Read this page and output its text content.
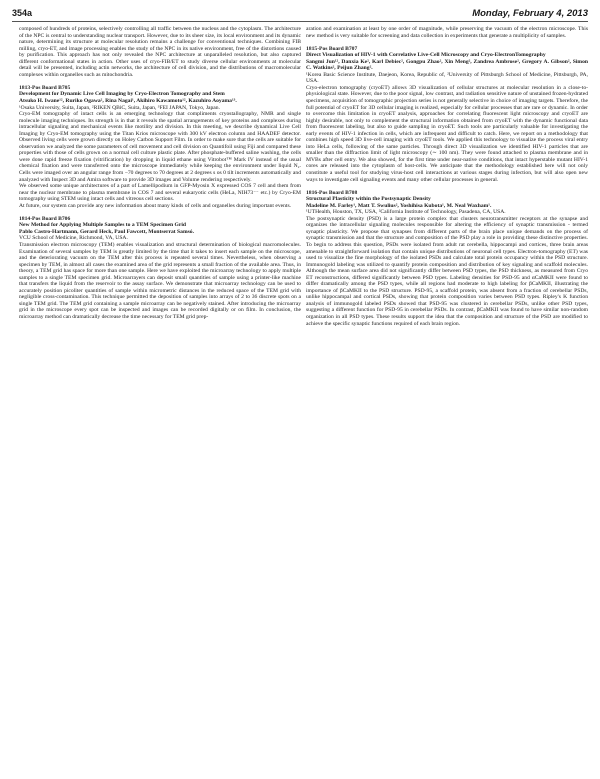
354a	Monday, February 4, 2013

composed of hundreds of proteins, selectively controlling all traffic between the nucleus and the cytoplasm. The architecture of the NPC is central to understanding nuclear transport. However, due to its sheer size, its local environment and its dynamic nature, determining its structure at molecular resolution remains a challenge for conventional techniques. Combining FIB milling, cryo-ET, and image processing enables the study of the NPC in its native environment, free of the distortions caused by purification. This approach has not only revealed the NPC architecture at unparalleled resolution, but also captured different conformational states in action. Other uses of cryo-FIB/ET to study diverse cellular environments at molecular detail will be presented, including actin networks, the architecture of cell division, and the distributions of macromolecular complexes within organelles such as mitochondria.

1813-Pos Board B705

Development for Dynamic Live Cell Imaging by Cryo-Electron Tomography and Stem

Atsuko H. Iwane¹², Ruriko Ogawa², Rina Nagai¹, Akihiro Kawamoto¹², Kazuhiro Aoyama¹³.

¹Osaka University, Suita, Japan, ²RIKEN QBiC, Suita, Japan, ³FEI JAPAN, Tokyo, Japan.

Cryo-EM tomography of intact cells is an emerging technology that compliments cryostallography, NMR and single molecule imaging techniques. Its strength is in that it reveals the spatial arrangements of key proteins and complexes during intracellular signaling and mechanical events like motility and division. In this meeting, we describe dynamical Live Cell Imaging by Cryo-EM tomography using the Titan Krios microscope with 300 kV electron column and HAADEF detector. Observed living cells were grown directly on Holey Carbon Support Film. In order to make sure that the cells are suitable for observation we analyzed the some parameters of cell movement and cell division on Quantifoil using Fiji and compared these properties with those of cells grown on a normal cell culture plastic plate. After phosphate-buffered saline washing, the cells were done rapid freeze fixation (vitrification) by dropping in liquid ethane using Vitrobot™ Mark IV instead of the usual chemical fixation and were transferred onto the microscope immediately while keeping the environment under liquid N₂. Cells were imaged over an angular range from −70 degrees to 70 degrees at 2 degrees s os 0 tilt increments automatically and analyzed with Inspect 3D and Amira software to provide 3D images and Volume rendering respectively.

We observed some unique architectures of a part of Lamellipodium in GFP-Myosin X expressed COS 7 cell and them from near the nuclear membrane to plasma membrane in COS 7 and several eukaryotic cells (HeLa, NIH73⋯ etc.) by Cryo-EM tomography using STEM using intact cells and vitreous cell sections.

At future, our system can provide any new information about many kinds of cells and organelles during important events.

1814-Pos Board B706

New Method for Applying Multiple Samples to a TEM Specimen Grid

Pablo Castro-Hartmann, Gerard Heck, Paul Fawcett, Montserrat Samsó.

VCU School of Medicine, Richmond, VA, USA.

Transmission electron microscopy (TEM) enables visualization and structural determination of biological macromolecules. Examination of several samples by TEM is greatly limited by the time that it takes to insert each sample on the microscope, and the deteriorating vacuum on the TEM after this process is repeated several times. Nevertheless, when observing a specimen by TEM, in almost all cases the examined area of the grid represents a small fraction of the available area. Thus, in theory, a TEM grid has space for more than one sample. Here we have exploited the microarray technology to apply multiple samples to a single TEM specimen grid. Microarrayers can deposit small quantities of sample using a printer-like machine that transfers the liquid from the reservoir to the assay surface. We demonstrate that microarray technology can be used to accurately position picoliter quantities of sample within micrometric distances in the reduced space of the TEM grid with negligible cross-contamination. This technique permitted the deposition of samples into arrays of 2 to 36 discrete spots on a single TEM grid. The TEM grid containing a sample microarray can be negatively stained. After introducing the microarray grid in the microscope every spot can be inspected and images can be recorded digitally or on film. In conclusion, the microarray method can dramatically decrease the time necessary for TEM grid prep-

aration and examination at least by one order of magnitude, while preserving the vacuum of the electron microscope. This new method is very suitable for screening and data collection in experiments that generate a multiplicity of samples.

1815-Pos Board B707

Direct Visualization of HIV-1 with Correlative Live-Cell Microscopy and Cryo-ElectronTomography

Sangmi Jun¹², Danxia Ke², Karl Debiec², Gongpu Zhao², Xin Meng², Zandrea Ambrose², Gregory A. Gibson², Simon C. Watkins², Peijun Zhang².

¹Korea Basic Science Institute, Daejeon, Korea, Republic of, ²University of Pittsburgh School of Medicine, Pittsburgh, PA, USA.

Cryo-electron tomography (cryoET) allows 3D visualization of cellular structures at molecular resolution in a close-to-physiological state. However, due to the poor signal, low contrast, and radiation sensitive nature of unstained frozen-hydrated specimens, acquisition of tomographic projection series is not generally selective in choice of imaging targets. Therefore, the full potential of cryoET for 3D cellular imaging is realized, especially for cellular processes that are rare or dynamic. In order to overcome this limitation in cryoET analysis, approaches for correlating fluorescent light microscopy and cryoET are highly desirable, not only to complement the structural information obtained from cryoET with the dynamic functional data from fluorescent labeling, but also to guide sampling in cryoET. Such tools are particularly valuable for investigating the early events of HIV-1 infection in cells, which are infrequent and difficult to catch. Here, we report on a methodology that combines high speed 3D live-cell imaging with cryoET tools. We applied this technology to visualize the process viral entry into HeLa cells, following of the same particles. Through direct 3D visualization we identified HIV-1 particles that are smaller than the diffraction limit of light microscopy (∼ 100 nm). They were found attached to plasma membrane and in MVBs after cell entry. We also showed, for the first time under near-native conditions, that intact hyperstable mutant HIV-1 cores are released into the cytoplasm of host-cells. We anticipate that the methodology established here will not only constitute a useful tool for studying virus-host cell interactions at various stages during infection, but will also open new ways to investigate cell signaling events and many other cellular processes in general.

1816-Pos Board B708

Structural Plasticity within the Postsynaptic Density

Madeline M. Farley¹, Matt T. Swulius², Yoshihisa Kubota¹, M. Neal Waxham¹.

¹UTHealth, Houston, TX, USA, ²California Institute of Technology, Pasadena, CA, USA.

The postsynaptic density (PSD) is a large protein complex that clusters neurotransmitter receptors at the synapse and organizes the intracellular signaling molecules responsible for altering the efficiency of synaptic transmission - termed synaptic plasticity. We propose that synapses from different parts of the brain place unique demands on the process of synaptic transmission and that the structure and composition of the PSD play a role in providing these distinctive properties. To begin to address this question, PSDs were isolated from adult rat cerebella, hippocampi and cortices, three brain areas amenable to straightforward isolation that contain unique distributions of neuronal cell types. Electron-tomography (ET) was used to visualize the fine morphology of the isolated PSDs and calculate total protein occupancy within the PSD structure. Immunogold labeling was utilized to quantify protein composition and distribution of key signaling and scaffold molecules. Although the mean surface area did not significantly differ between PSD types, the PSD thickness, as measured from Cryo ET reconstructions, differed significantly between PSD types. Labeling densities for PSD-95 and αCaMKII were found to differ dramatically among the PSD types, while all regions had moderate to high labeling for βCaMKII, illustrating the importance of βCaMKII to the PSD structure. PSD-95, a scaffold protein, was absent from a fraction of cerebellar PSDs, unlike hippocampal and cortical PSDs, showing that protein composition varies between PSD types. Ripley's K function analysis of immunogold labeled PSDs showed that PSD-95 was clustered in cerebellar PSDs, unlike other PSD types, suggesting a different function for PSD-95 in cerebellar PSDs. In contrast, βCaMKII was found to have similar non-random organization in all PSD types. These results support the idea that the composition and structure of the PSD are modified to achieve the specific synaptic functions required of each brain region.
